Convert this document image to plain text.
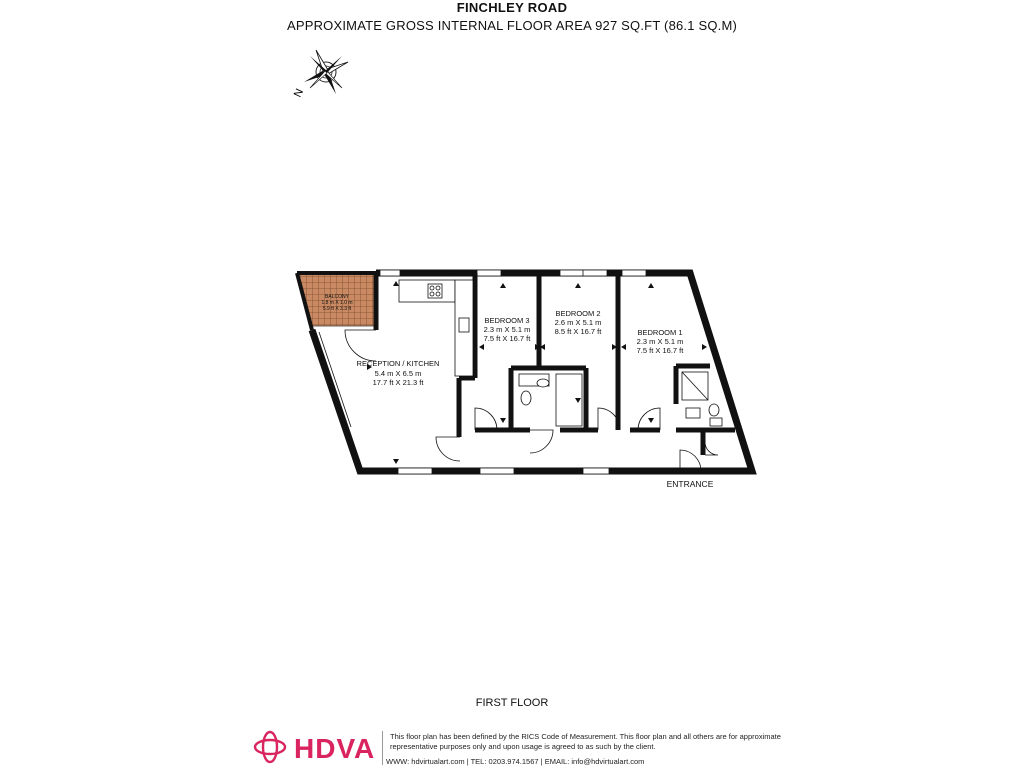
FINCHLEY ROAD
APPROXIMATE GROSS INTERNAL FLOOR AREA 927 SQ.FT (86.1 SQ.M)
N
BALCONY
1.8 m X 1.0 m
5.9 ft X 3.3 ft
RECEPTION / KITCHEN
5.4 m X 6.5 m
17.7 ft X 21.3 ft
BEDROOM 3
2.3 m X 5.1 m
7.5 ft X 16.7 ft
BEDROOM 2
2.6 m X 5.1 m
8.5 ft X 16.7 ft	BEDROOM 1
2.3 m X 5.1 m
7.5 ft X 16.7 ft
ENTRANCE
FIRST FLOOR
HDVA This floor plan has been defined by the RICS Code of Measurement. This floor plan and all others are for approximate representative purposes only and upon usage is agreed to as such by the client.
WWW: hdvirtualart.com | TEL: 0203.974.1567 | EMAIL: info@hdvirtualart.com
